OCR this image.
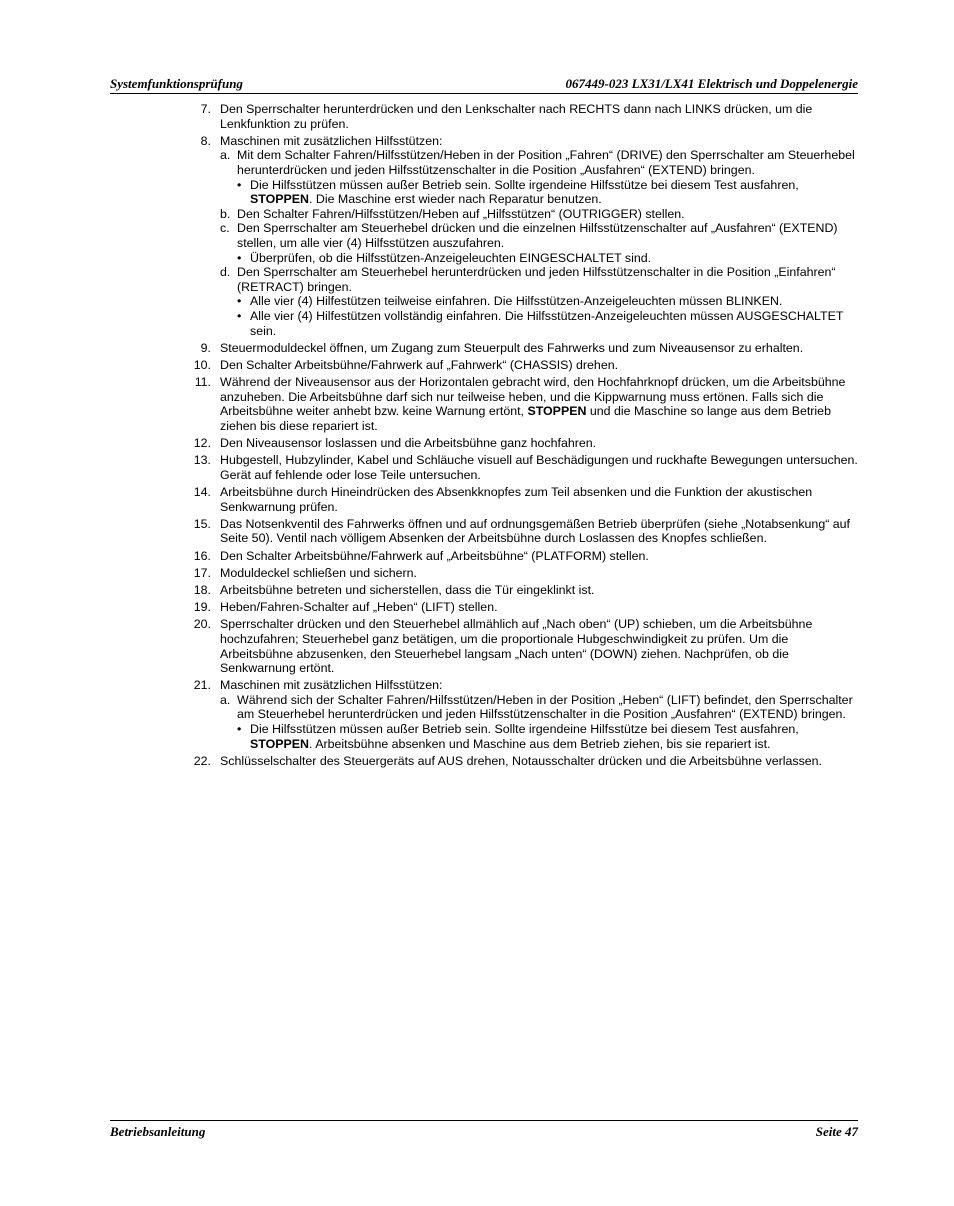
Systemfunktionsprüfung	067449-023 LX31/LX41 Elektrisch und Doppelenergie
7. Den Sperrschalter herunterdrücken und den Lenkschalter nach RECHTS dann nach LINKS drücken, um die Lenkfunktion zu prüfen.
8. Maschinen mit zusätzlichen Hilfsstützen:
a. Mit dem Schalter Fahren/Hilfsstützen/Heben in der Position „Fahren“ (DRIVE) den Sperrschalter am Steuerhebel herunterdrücken und jeden Hilfsstützenschalter in die Position „Ausfahren“ (EXTEND) bringen.
• Die Hilfsstützen müssen außer Betrieb sein. Sollte irgendeine Hilfsstütze bei diesem Test ausfahren, STOPPEN. Die Maschine erst wieder nach Reparatur benutzen.
b. Den Schalter Fahren/Hilfsstützen/Heben auf „Hilfsstützen“ (OUTRIGGER) stellen.
c. Den Sperrschalter am Steuerhebel drücken und die einzelnen Hilfsstützenschalter auf „Ausfahren“ (EXTEND) stellen, um alle vier (4) Hilfsstützen auszufahren.
• Überprüfen, ob die Hilfsstützen-Anzeigeleuchten EINGESCHALTET sind.
d. Den Sperrschalter am Steuerhebel herunterdrücken und jeden Hilfsstützenschalter in die Position „Einfahren“ (RETRACT) bringen.
• Alle vier (4) Hilfestützen teilweise einfahren. Die Hilfsstützen-Anzeigeleuchten müssen BLINKEN.
• Alle vier (4) Hilfestützen vollständig einfahren. Die Hilfsstützen-Anzeigeleuchten müssen AUSGESCHALTET sein.
9. Steuermoduldeckel öffnen, um Zugang zum Steuerpult des Fahrwerks und zum Niveausensor zu erhalten.
10. Den Schalter Arbeitsbühne/Fahrwerk auf „Fahrwerk“ (CHASSIS) drehen.
11. Während der Niveausensor aus der Horizontalen gebracht wird, den Hochfahrknopf drücken, um die Arbeitsbühne anzuheben. Die Arbeitsbühne darf sich nur teilweise heben, und die Kippwarnung muss ertönen. Falls sich die Arbeitsbühne weiter anhebt bzw. keine Warnung ertönt, STOPPEN und die Maschine so lange aus dem Betrieb ziehen bis diese repariert ist.
12. Den Niveausensor loslassen und die Arbeitsbühne ganz hochfahren.
13. Hubgestell, Hubzylinder, Kabel und Schläuche visuell auf Beschädigungen und ruckhafte Bewegungen untersuchen. Gerät auf fehlende oder lose Teile untersuchen.
14. Arbeitsbühne durch Hineindrücken des Absenkknopfes zum Teil absenken und die Funktion der akustischen Senkwarnung prüfen.
15. Das Notsenkventil des Fahrwerks öffnen und auf ordnungsgemäßen Betrieb überprüfen (siehe „Notabsenkung“ auf Seite 50). Ventil nach völligem Absenken der Arbeitsbühne durch Loslassen des Knopfes schließen.
16. Den Schalter Arbeitsbühne/Fahrwerk auf „Arbeitsbühne“ (PLATFORM) stellen.
17. Moduldeckel schließen und sichern.
18. Arbeitsbühne betreten und sicherstellen, dass die Tür eingeklinkt ist.
19. Heben/Fahren-Schalter auf „Heben“ (LIFT) stellen.
20. Sperrschalter drücken und den Steuerhebel allmählich auf „Nach oben“ (UP) schieben, um die Arbeitsbühne hochzufahren; Steuerhebel ganz betätigen, um die proportionale Hubgeschwindigkeit zu prüfen. Um die Arbeitsbühne abzusenken, den Steuerhebel langsam „Nach unten“ (DOWN) ziehen. Nachprüfen, ob die Senkwarnung ertönt.
21. Maschinen mit zusätzlichen Hilfsstützen:
a. Während sich der Schalter Fahren/Hilfsstützen/Heben in der Position „Heben“ (LIFT) befindet, den Sperrschalter am Steuerhebel herunterdrücken und jeden Hilfsstützenschalter in die Position „Ausfahren“ (EXTEND) bringen.
• Die Hilfsstützen müssen außer Betrieb sein. Sollte irgendeine Hilfsstütze bei diesem Test ausfahren, STOPPEN. Arbeitsbühne absenken und Maschine aus dem Betrieb ziehen, bis sie repariert ist.
22. Schlüsselschalter des Steuergeräts auf AUS drehen, Notausschalter drücken und die Arbeitsbühne verlassen.
Betriebsanleitung	Seite 47
